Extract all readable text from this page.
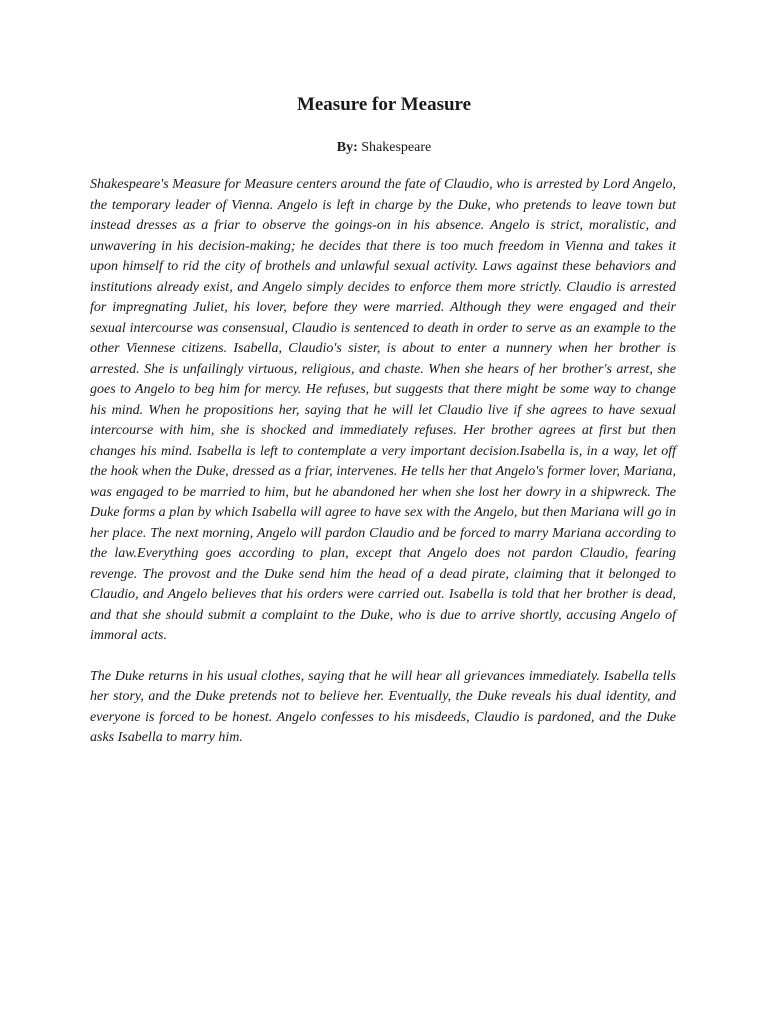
Measure for Measure
By: Shakespeare

Shakespeare's Measure for Measure centers around the fate of Claudio, who is arrested by Lord Angelo, the temporary leader of Vienna. Angelo is left in charge by the Duke, who pretends to leave town but instead dresses as a friar to observe the goings-on in his absence. Angelo is strict, moralistic, and unwavering in his decision-making; he decides that there is too much freedom in Vienna and takes it upon himself to rid the city of brothels and unlawful sexual activity. Laws against these behaviors and institutions already exist, and Angelo simply decides to enforce them more strictly. Claudio is arrested for impregnating Juliet, his lover, before they were married. Although they were engaged and their sexual intercourse was consensual, Claudio is sentenced to death in order to serve as an example to the other Viennese citizens. Isabella, Claudio's sister, is about to enter a nunnery when her brother is arrested. She is unfailingly virtuous, religious, and chaste. When she hears of her brother's arrest, she goes to Angelo to beg him for mercy. He refuses, but suggests that there might be some way to change his mind. When he propositions her, saying that he will let Claudio live if she agrees to have sexual intercourse with him, she is shocked and immediately refuses. Her brother agrees at first but then changes his mind. Isabella is left to contemplate a very important decision.Isabella is, in a way, let off the hook when the Duke, dressed as a friar, intervenes. He tells her that Angelo's former lover, Mariana, was engaged to be married to him, but he abandoned her when she lost her dowry in a shipwreck. The Duke forms a plan by which Isabella will agree to have sex with the Angelo, but then Mariana will go in her place. The next morning, Angelo will pardon Claudio and be forced to marry Mariana according to the law.Everything goes according to plan, except that Angelo does not pardon Claudio, fearing revenge. The provost and the Duke send him the head of a dead pirate, claiming that it belonged to Claudio, and Angelo believes that his orders were carried out. Isabella is told that her brother is dead, and that she should submit a complaint to the Duke, who is due to arrive shortly, accusing Angelo of immoral acts.

The Duke returns in his usual clothes, saying that he will hear all grievances immediately. Isabella tells her story, and the Duke pretends not to believe her. Eventually, the Duke reveals his dual identity, and everyone is forced to be honest. Angelo confesses to his misdeeds, Claudio is pardoned, and the Duke asks Isabella to marry him.
